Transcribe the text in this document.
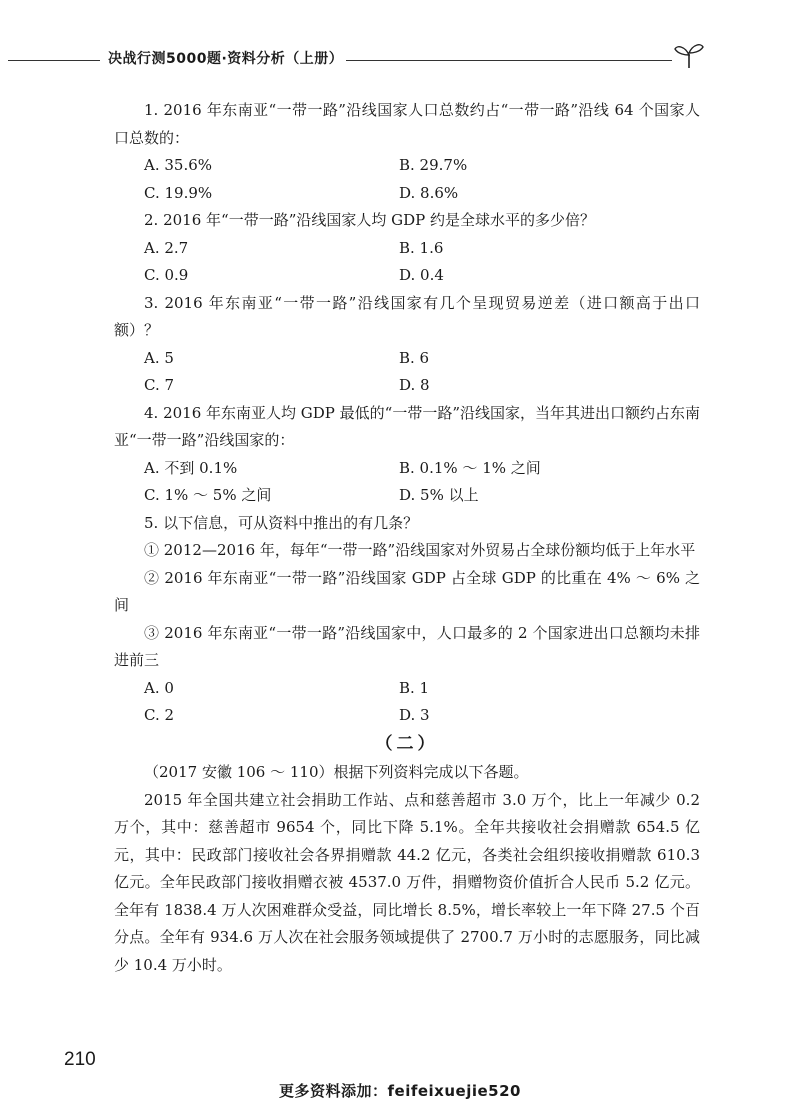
决战行测5000题·资料分析（上册）

1. 2016 年东南亚“一带一路”沿线国家人口总数约占“一带一路”沿线 64 个国家人口总数的：

A. 35.6%	B. 29.7%
C. 19.9%	D. 8.6%

2. 2016 年“一带一路”沿线国家人均 GDP 约是全球水平的多少倍？

A. 2.7	B. 1.6
C. 0.9	D. 0.4

3. 2016 年东南亚“一带一路”沿线国家有几个呈现贸易逆差（进口额高于出口额）？

A. 5	B. 6
C. 7	D. 8

4. 2016 年东南亚人均 GDP 最低的“一带一路”沿线国家，当年其进出口额约占东南亚“一带一路”沿线国家的：

A. 不到 0.1%	B. 0.1% ～ 1% 之间
C. 1% ～ 5% 之间	D. 5% 以上

5. 以下信息，可从资料中推出的有几条？

① 2012—2016 年，每年“一带一路”沿线国家对外贸易占全球份额均低于上年水平

② 2016 年东南亚“一带一路”沿线国家 GDP 占全球 GDP 的比重在 4% ～ 6% 之间

③ 2016 年东南亚“一带一路”沿线国家中，人口最多的 2 个国家进出口总额均未排进前三

A. 0	B. 1
C. 2	D. 3
（二）

（2017 安徽 106 ～ 110）根据下列资料完成以下各题。

2015 年全国共建立社会捐助工作站、点和慈善超市 3.0 万个，比上一年减少 0.2 万个，其中：慈善超市 9654 个，同比下降 5.1%。全年共接收社会捐赠款 654.5 亿元，其中：民政部门接收社会各界捐赠款 44.2 亿元，各类社会组织接收捐赠款 610.3 亿元。全年民政部门接收捐赠衣被 4537.0 万件，捐赠物资价值折合人民币 5.2 亿元。全年有 1838.4 万人次困难群众受益，同比增长 8.5%，增长率较上一年下降 27.5 个百分点。全年有 934.6 万人次在社会服务领域提供了 2700.7 万小时的志愿服务，同比减少 10.4 万小时。

210
更多资料添加：feifeixuejie520
